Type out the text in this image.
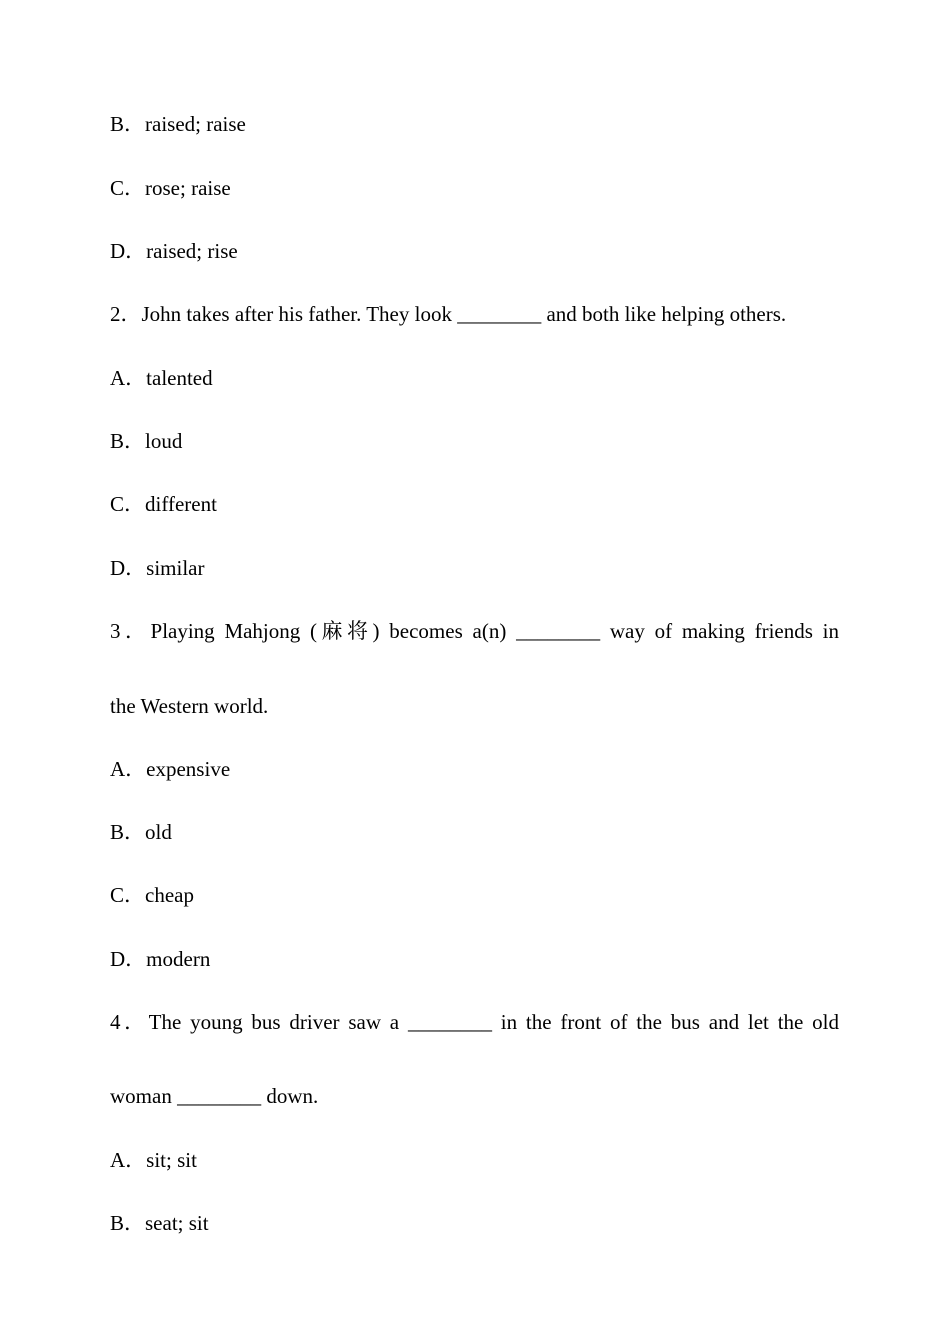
B．raised; raise
C．rose; raise
D．raised; rise
2．John takes after his father. They look ________ and both like helping others.
A．talented
B．loud
C．different
D．similar
3．Playing Mahjong (麻将) becomes a(n) ________ way of making friends in
the Western world.
A．expensive
B．old
C．cheap
D．modern
4．The young bus driver saw a ________ in the front of the bus and let the old
woman ________ down.
A．sit; sit
B．seat; sit
